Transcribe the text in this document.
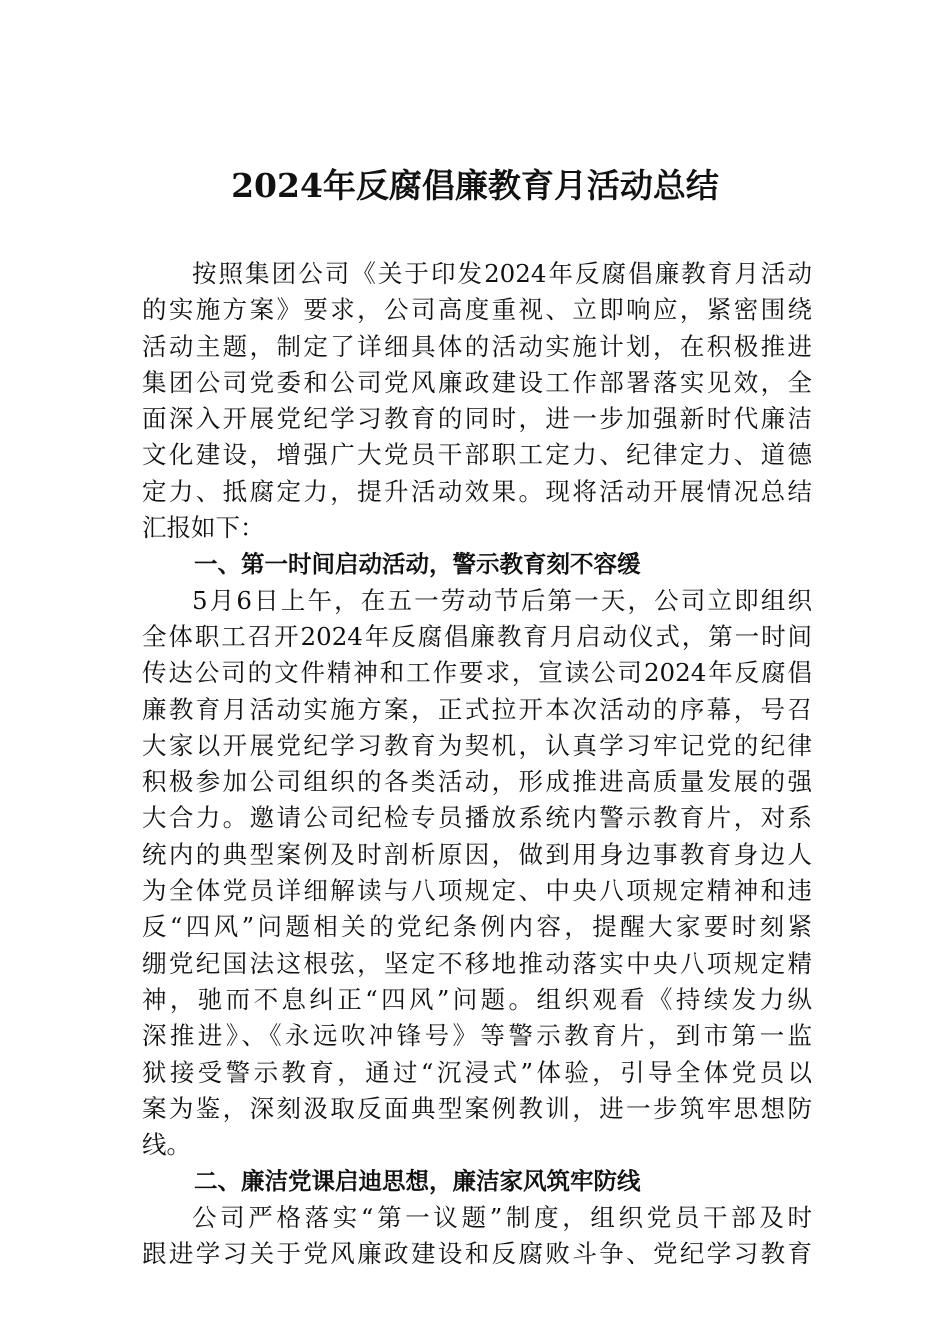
2024年反腐倡廉教育月活动总结
按照集团公司《关于印发2024年反腐倡廉教育月活动
的实施方案》要求，公司高度重视、立即响应，紧密围绕
活动主题，制定了详细具体的活动实施计划，在积极推进
集团公司党委和公司党风廉政建设工作部署落实见效，全
面深入开展党纪学习教育的同时，进一步加强新时代廉洁
文化建设，增强广大党员干部职工定力、纪律定力、道德
定力、抵腐定力，提升活动效果。现将活动开展情况总结
汇报如下：
一、第一时间启动活动，警示教育刻不容缓
5月6日上午，在五一劳动节后第一天，公司立即组织
全体职工召开2024年反腐倡廉教育月启动仪式，第一时间
传达公司的文件精神和工作要求，宣读公司2024年反腐倡
廉教育月活动实施方案，正式拉开本次活动的序幕，号召
大家以开展党纪学习教育为契机，认真学习牢记党的纪律
积极参加公司组织的各类活动，形成推进高质量发展的强
大合力。邀请公司纪检专员播放系统内警示教育片，对系
统内的典型案例及时剖析原因，做到用身边事教育身边人
为全体党员详细解读与八项规定、中央八项规定精神和违
反“四风”问题相关的党纪条例内容，提醒大家要时刻紧
绷党纪国法这根弦，坚定不移地推动落实中央八项规定精
神，驰而不息纠正“四风”问题。组织观看《持续发力纵
深推进》、《永远吹冲锋号》等警示教育片，到市第一监
狱接受警示教育，通过“沉浸式”体验，引导全体党员以
案为鉴，深刻汲取反面典型案例教训，进一步筑牢思想防
线。
二、廉洁党课启迪思想，廉洁家风筑牢防线
公司严格落实“第一议题”制度，组织党员干部及时
跟进学习关于党风廉政建设和反腐败斗争、党纪学习教育
